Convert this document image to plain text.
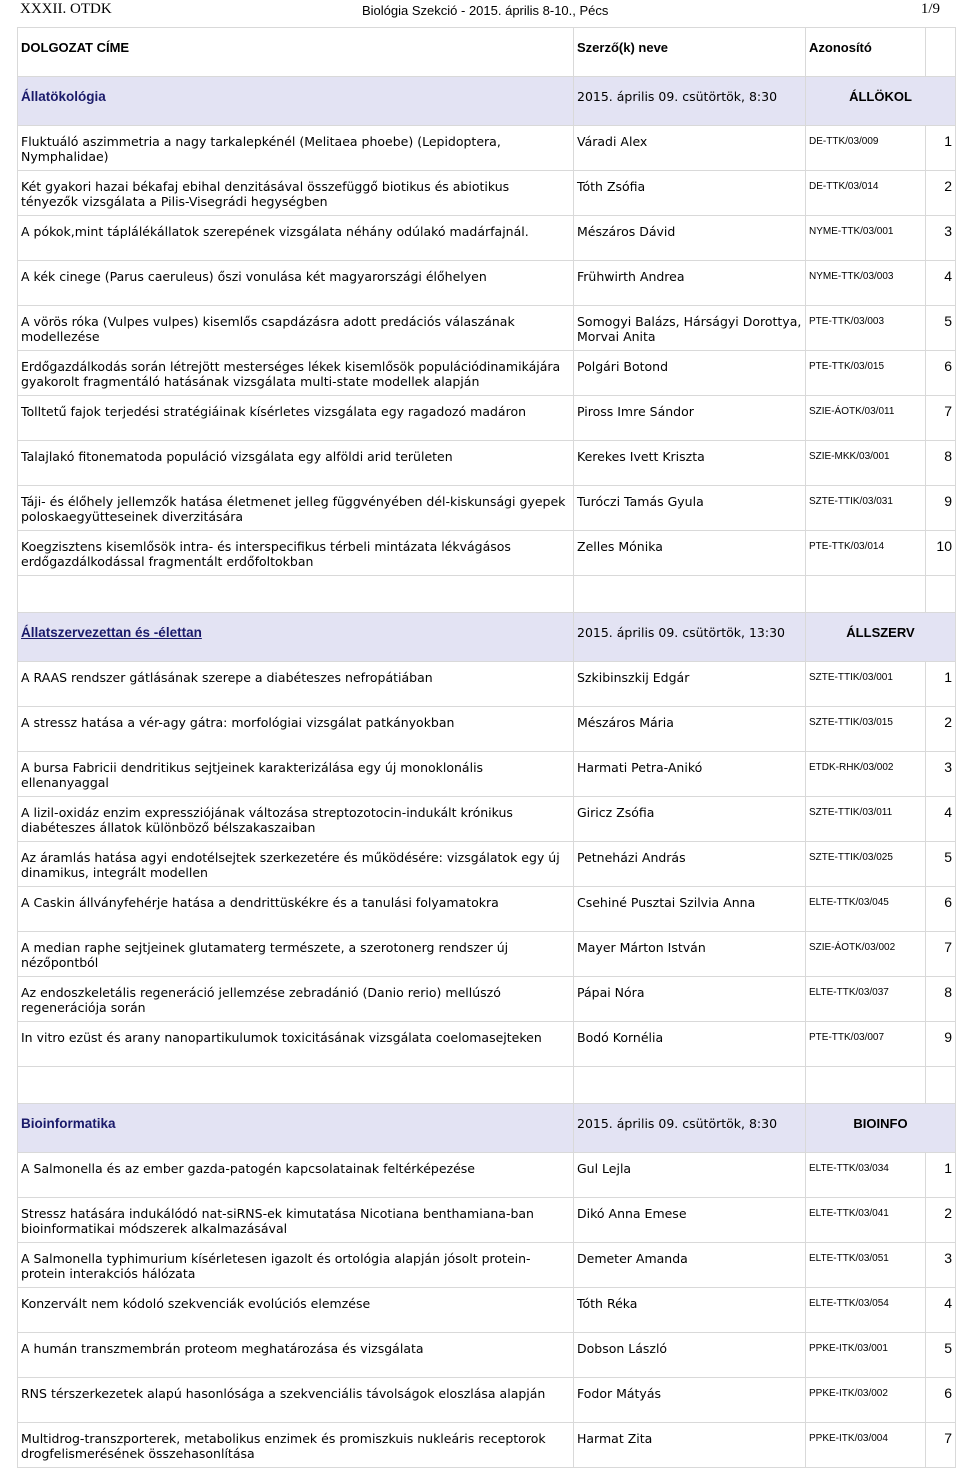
XXXII. OTDK	Biológia Szekció - 2015. április 8-10., Pécs	1/9
DOLGOZAT CÍME	Szerző(k) neve	Azonosító	
Állatökológia	2015. április 09. csütörtök, 8:30	ÁLLÖKOL	
Fluktuáló aszimmetria a nagy tarkalepkénél (Melitaea phoebe) (Lepidoptera, Nymphalidae)	Váradi Alex	DE-TTK/03/009	1
Két gyakori hazai békafaj ebihal denzitásával összefüggő biotikus és abiotikus tényezők vizsgálata a Pilis-Visegrádi hegységben	Tóth Zsófia	DE-TTK/03/014	2
A pókok,mint táplálékállatok szerepének vizsgálata néhány odúlakó madárfajnál.	Mészáros Dávid	NYME-TTK/03/001	3
A kék cinege (Parus caeruleus) őszi vonulása két magyarországi élőhelyen	Frühwirth Andrea	NYME-TTK/03/003	4
A vörös róka (Vulpes vulpes) kisemlős csapdázásra adott predációs válaszának modellezése	Somogyi Balázs, Hárságyi Dorottya, Morvai Anita	PTE-TTK/03/003	5
Erdőgazdálkodás során létrejött mesterséges lékek kisemlősök populációdinamikájára gyakorolt fragmentáló hatásának vizsgálata multi-state modellek alapján	Polgári Botond	PTE-TTK/03/015	6
Tolltetű fajok terjedési stratégiáinak kísérletes vizsgálata egy ragadozó madáron	Piross Imre Sándor	SZIE-ÁOTK/03/011	7
Talajlakó fitonematoda populáció vizsgálata egy alföldi arid területen	Kerekes Ivett Kriszta	SZIE-MKK/03/001	8
Táji- és élőhely jellemzők hatása életmenet jelleg függvényében dél-kiskunsági gyepek poloskaegyütteseinek diverzitására	Turóczi Tamás Gyula	SZTE-TTIK/03/031	9
Koegzisztens kisemlősök intra- és interspecifikus térbeli mintázata lékvágásos erdőgazdálkodással fragmentált erdőfoltokban	Zelles Mónika	PTE-TTK/03/014	10

Állatszervezettan és -élettan	2015. április 09. csütörtök, 13:30	ÁLLSZERV	
A RAAS rendszer gátlásának szerepe a diabéteszes nefropátiában	Szkibinszkij Edgár	SZTE-TTIK/03/001	1
A stressz hatása a vér-agy gátra: morfológiai vizsgálat patkányokban	Mészáros Mária	SZTE-TTIK/03/015	2
A bursa Fabricii dendritikus sejtjeinek karakterizálása egy új monoklonális ellenanyaggal	Harmati Petra-Anikó	ETDK-RHK/03/002	3
A lizil-oxidáz enzim expressziójának változása streptozotocin-indukált krónikus diabéteszes állatok különböző bélszakaszaiban	Giricz Zsófia	SZTE-TTIK/03/011	4
Az áramlás hatása agyi endotélsejtek szerkezetére és működésére: vizsgálatok egy új dinamikus, integrált modellen	Petneházi András	SZTE-TTIK/03/025	5
A Caskin állványfehérje hatása a dendrittüskékre és a tanulási folyamatokra	Csehiné Pusztai Szilvia Anna	ELTE-TTK/03/045	6
A median raphe sejtjeinek glutamaterg természete, a szerotonerg rendszer új nézőpontból	Mayer Márton István	SZIE-ÁOTK/03/002	7
Az endoszkeletális regeneráció jellemzése zebradánió (Danio rerio) mellúszó regenerációja során	Pápai Nóra	ELTE-TTK/03/037	8
In vitro ezüst és arany nanopartikulumok toxicitásának vizsgálata coelomasejteken	Bodó Kornélia	PTE-TTK/03/007	9

Bioinformatika	2015. április 09. csütörtök, 8:30	BIOINFO	
A Salmonella és az ember gazda-patogén kapcsolatainak feltérképezése	Gul Lejla	ELTE-TTK/03/034	1
Stressz hatására indukálódó nat-siRNS-ek kimutatása Nicotiana benthamiana-ban bioinformatikai módszerek alkalmazásával	Dikó Anna Emese	ELTE-TTK/03/041	2
A Salmonella typhimurium kísérletesen igazolt és ortológia alapján jósolt protein-protein interakciós hálózata	Demeter Amanda	ELTE-TTK/03/051	3
Konzervált nem kódoló szekvenciák evolúciós elemzése	Tóth Réka	ELTE-TTK/03/054	4
A humán transzmembrán proteom meghatározása és vizsgálata	Dobson László	PPKE-ITK/03/001	5
RNS térszerkezetek alapú hasonlósága a szekvenciális távolságok eloszlása alapján	Fodor Mátyás	PPKE-ITK/03/002	6
Multidrog-transzporterek, metabolikus enzimek és promiszkuis nukleáris receptorok drogfelismerésének összehasonlítása	Harmat Zita	PPKE-ITK/03/004	7
